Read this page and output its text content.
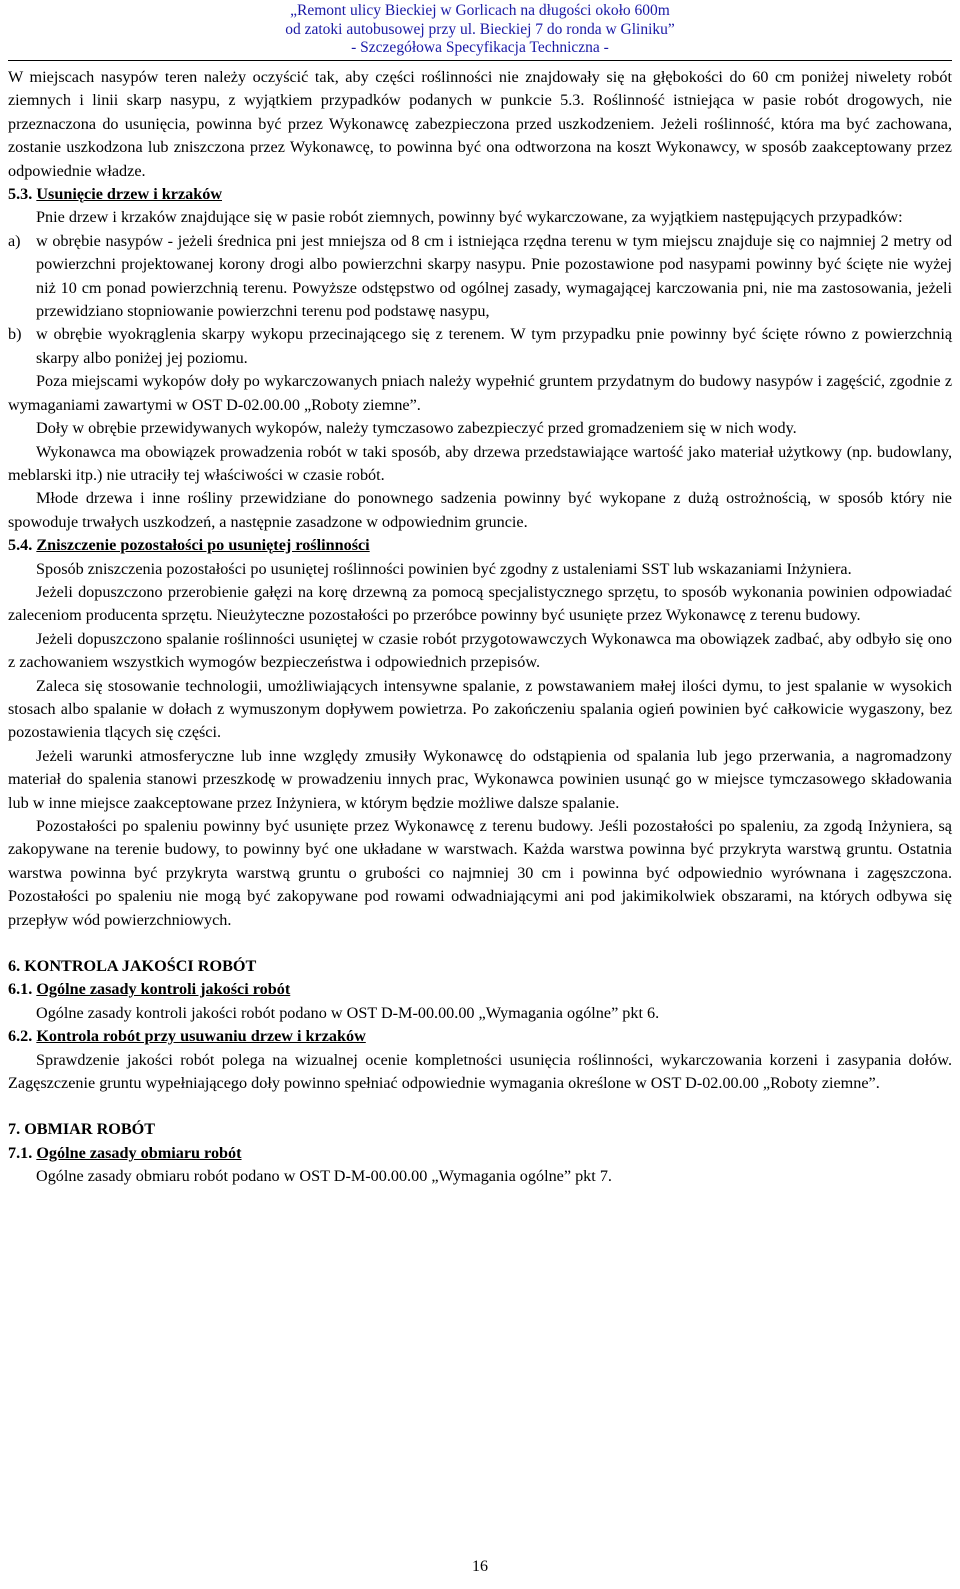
„Remont ulicy Bieckiej w Gorlicach na długości około 600m
od zatoki autobusowej przy ul. Bieckiej 7 do ronda w Gliniku”
- Szczegółowa Specyfikacja Techniczna -

W miejscach nasypów teren należy oczyścić tak, aby części roślinności nie znajdowały się na głębokości do 60 cm poniżej niwelety robót ziemnych i linii skarp nasypu, z wyjątkiem przypadków podanych w punkcie 5.3. Roślinność istniejąca w pasie robót drogowych, nie przeznaczona do usunięcia, powinna być przez Wykonawcę zabezpieczona przed uszkodzeniem. Jeżeli roślinność, która ma być zachowana, zostanie uszkodzona lub zniszczona przez Wykonawcę, to powinna być ona odtworzona na koszt Wykonawcy, w sposób zaakceptowany przez odpowiednie władze.

5.3. Usunięcie drzew i krzaków

Pnie drzew i krzaków znajdujące się w pasie robót ziemnych, powinny być wykarczowane, za wyjątkiem następujących przypadków:

a) w obrębie nasypów - jeżeli średnica pni jest mniejsza od 8 cm i istniejąca rzędna terenu w tym miejscu znajduje się co najmniej 2 metry od powierzchni projektowanej korony drogi albo powierzchni skarpy nasypu. Pnie pozostawione pod nasypami powinny być ścięte nie wyżej niż 10 cm ponad powierzchnią terenu. Powyższe odstępstwo od ogólnej zasady, wymagającej karczowania pni, nie ma zastosowania, jeżeli przewidziano stopniowanie powierzchni terenu pod podstawę nasypu,
b) w obrębie wyokrąglenia skarpy wykopu przecinającego się z terenem. W tym przypadku pnie powinny być ścięte równo z powierzchnią skarpy albo poniżej jej poziomu.

Poza miejscami wykopów doły po wykarczowanych pniach należy wypełnić gruntem przydatnym do budowy nasypów i zagęścić, zgodnie z wymaganiami zawartymi w OST D-02.00.00 „Roboty ziemne”.

Doły w obrębie przewidywanych wykopów, należy tymczasowo zabezpieczyć przed gromadzeniem się w nich wody.

Wykonawca ma obowiązek prowadzenia robót w taki sposób, aby drzewa przedstawiające wartość jako materiał użytkowy (np. budowlany, meblarski itp.) nie utraciły tej właściwości w czasie robót.

Młode drzewa i inne rośliny przewidziane do ponownego sadzenia powinny być wykopane z dużą ostrożnością, w sposób który nie spowoduje trwałych uszkodzeń, a następnie zasadzone w odpowiednim gruncie.

5.4. Zniszczenie pozostałości po usuniętej roślinności

Sposób zniszczenia pozostałości po usuniętej roślinności powinien być zgodny z ustaleniami SST lub wskazaniami Inżyniera.

Jeżeli dopuszczono przerobienie gałęzi na korę drzewną za pomocą specjalistycznego sprzętu, to sposób wykonania powinien odpowiadać zaleceniom producenta sprzętu. Nieużyteczne pozostałości po przeróbce powinny być usunięte przez Wykonawcę z terenu budowy.

Jeżeli dopuszczono spalanie roślinności usuniętej w czasie robót przygotowawczych Wykonawca ma obowiązek zadbać, aby odbyło się ono z zachowaniem wszystkich wymogów bezpieczeństwa i odpowiednich przepisów.

Zaleca się stosowanie technologii, umożliwiających intensywne spalanie, z powstawaniem małej ilości dymu, to jest spalanie w wysokich stosach albo spalanie w dołach z wymuszonym dopływem powietrza. Po zakończeniu spalania ogień powinien być całkowicie wygaszony, bez pozostawienia tlących się części.

Jeżeli warunki atmosferyczne lub inne względy zmusiły Wykonawcę do odstąpienia od spalania lub jego przerwania, a nagromadzony materiał do spalenia stanowi przeszkodę w prowadzeniu innych prac, Wykonawca powinien usunąć go w miejsce tymczasowego składowania lub w inne miejsce zaakceptowane przez Inżyniera, w którym będzie możliwe dalsze spalanie.

Pozostałości po spaleniu powinny być usunięte przez Wykonawcę z terenu budowy. Jeśli pozostałości po spaleniu, za zgodą Inżyniera, są zakopywane na terenie budowy, to powinny być one układane w warstwach. Każda warstwa powinna być przykryta warstwą gruntu. Ostatnia warstwa powinna być przykryta warstwą gruntu o grubości co najmniej 30 cm i powinna być odpowiednio wyrównana i zagęszczona. Pozostałości po spaleniu nie mogą być zakopywane pod rowami odwadniającymi ani pod jakimikolwiek obszarami, na których odbywa się przepływ wód powierzchniowych.

6. KONTROLA JAKOŚCI ROBÓT
6.1. Ogólne zasady kontroli jakości robót

Ogólne zasady kontroli jakości robót podano w OST D-M-00.00.00 „Wymagania ogólne” pkt 6.

6.2. Kontrola robót przy usuwaniu drzew i krzaków

Sprawdzenie jakości robót polega na wizualnej ocenie kompletności usunięcia roślinności, wykarczowania korzeni i zasypania dołów. Zagęszczenie gruntu wypełniającego doły powinno spełniać odpowiednie wymagania określone w OST D-02.00.00 „Roboty ziemne”.

7. OBMIAR ROBÓT
7.1. Ogólne zasady obmiaru robót

Ogólne zasady obmiaru robót podano w OST D-M-00.00.00 „Wymagania ogólne” pkt 7.

16
